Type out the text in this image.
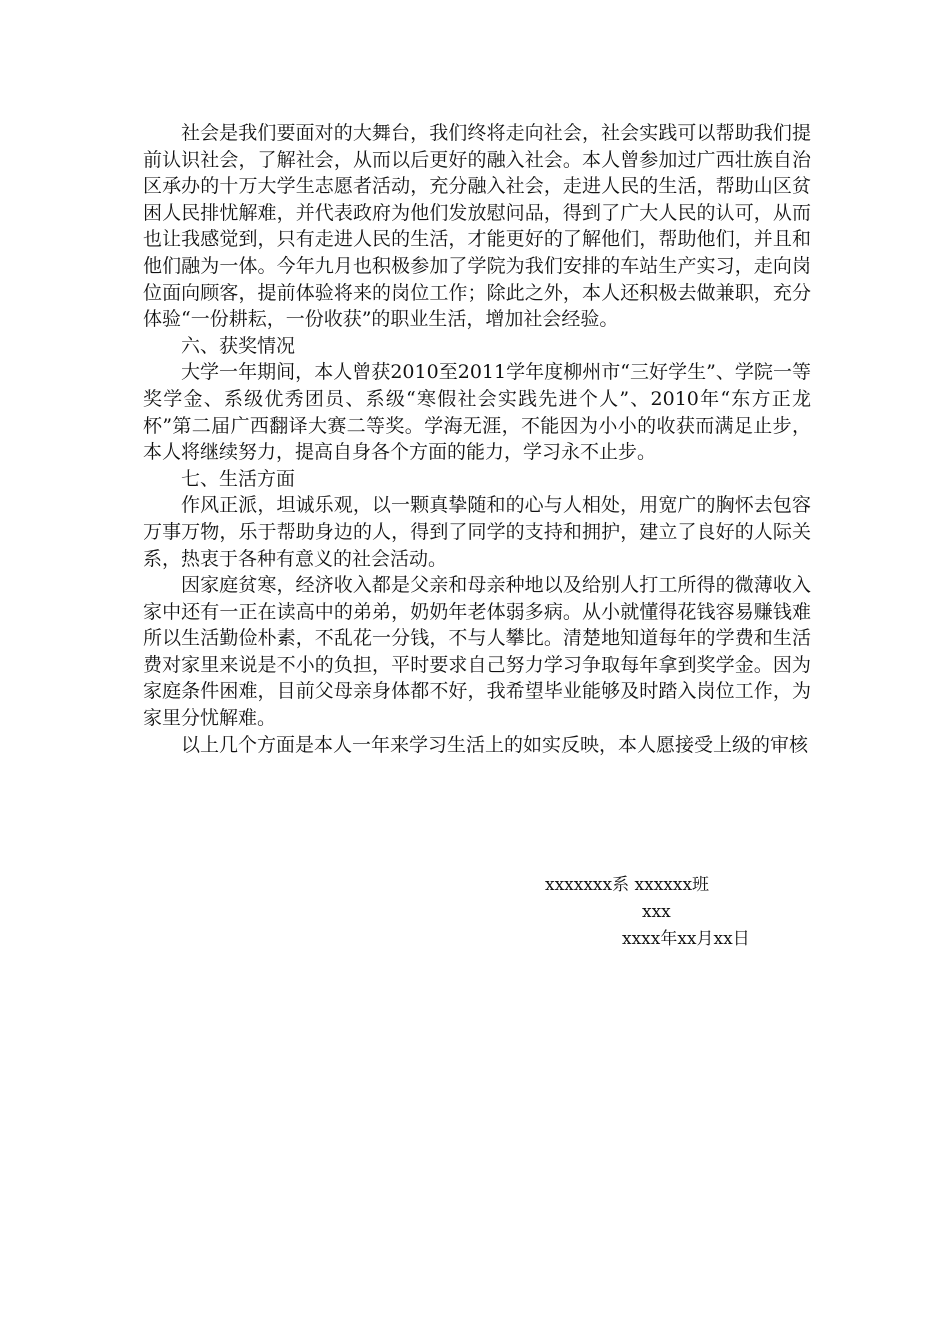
社会是我们要面对的大舞台，我们终将走向社会，社会实践可以帮助我们提前认识社会，了解社会，从而以后更好的融入社会。本人曾参加过广西壮族自治区承办的十万大学生志愿者活动，充分融入社会，走进人民的生活，帮助山区贫困人民排忧解难，并代表政府为他们发放慰问品，得到了广大人民的认可，从而也让我感觉到，只有走进人民的生活，才能更好的了解他们，帮助他们，并且和他们融为一体。今年九月也积极参加了学院为我们安排的车站生产实习，走向岗位面向顾客，提前体验将来的岗位工作；除此之外，本人还积极去做兼职，充分体验“一份耕耘，一份收获”的职业生活，增加社会经验。

六、获奖情况

大学一年期间，本人曾获2010至2011学年度柳州市“三好学生”、学院一等奖学金、系级优秀团员、系级“寒假社会实践先进个人”、2010年“东方正龙杯”第二届广西翻译大赛二等奖。学海无涯，不能因为小小的收获而满足止步，本人将继续努力，提高自身各个方面的能力，学习永不止步。

七、生活方面

作风正派，坦诚乐观，以一颗真挚随和的心与人相处，用宽广的胸怀去包容万事万物，乐于帮助身边的人，得到了同学的支持和拥护，建立了良好的人际关系，热衷于各种有意义的社会活动。

因家庭贫寒，经济收入都是父亲和母亲种地以及给别人打工所得的微薄收入家中还有一正在读高中的弟弟，奶奶年老体弱多病。从小就懂得花钱容易赚钱难所以生活勤俭朴素，不乱花一分钱，不与人攀比。清楚地知道每年的学费和生活费对家里来说是不小的负担，平时要求自己努力学习争取每年拿到奖学金。因为家庭条件困难，目前父母亲身体都不好，我希望毕业能够及时踏入岗位工作，为家里分忧解难。

以上几个方面是本人一年来学习生活上的如实反映，本人愿接受上级的审核

xxxxxxx系 xxxxxx班
xxx
xxxx年xx月xx日
